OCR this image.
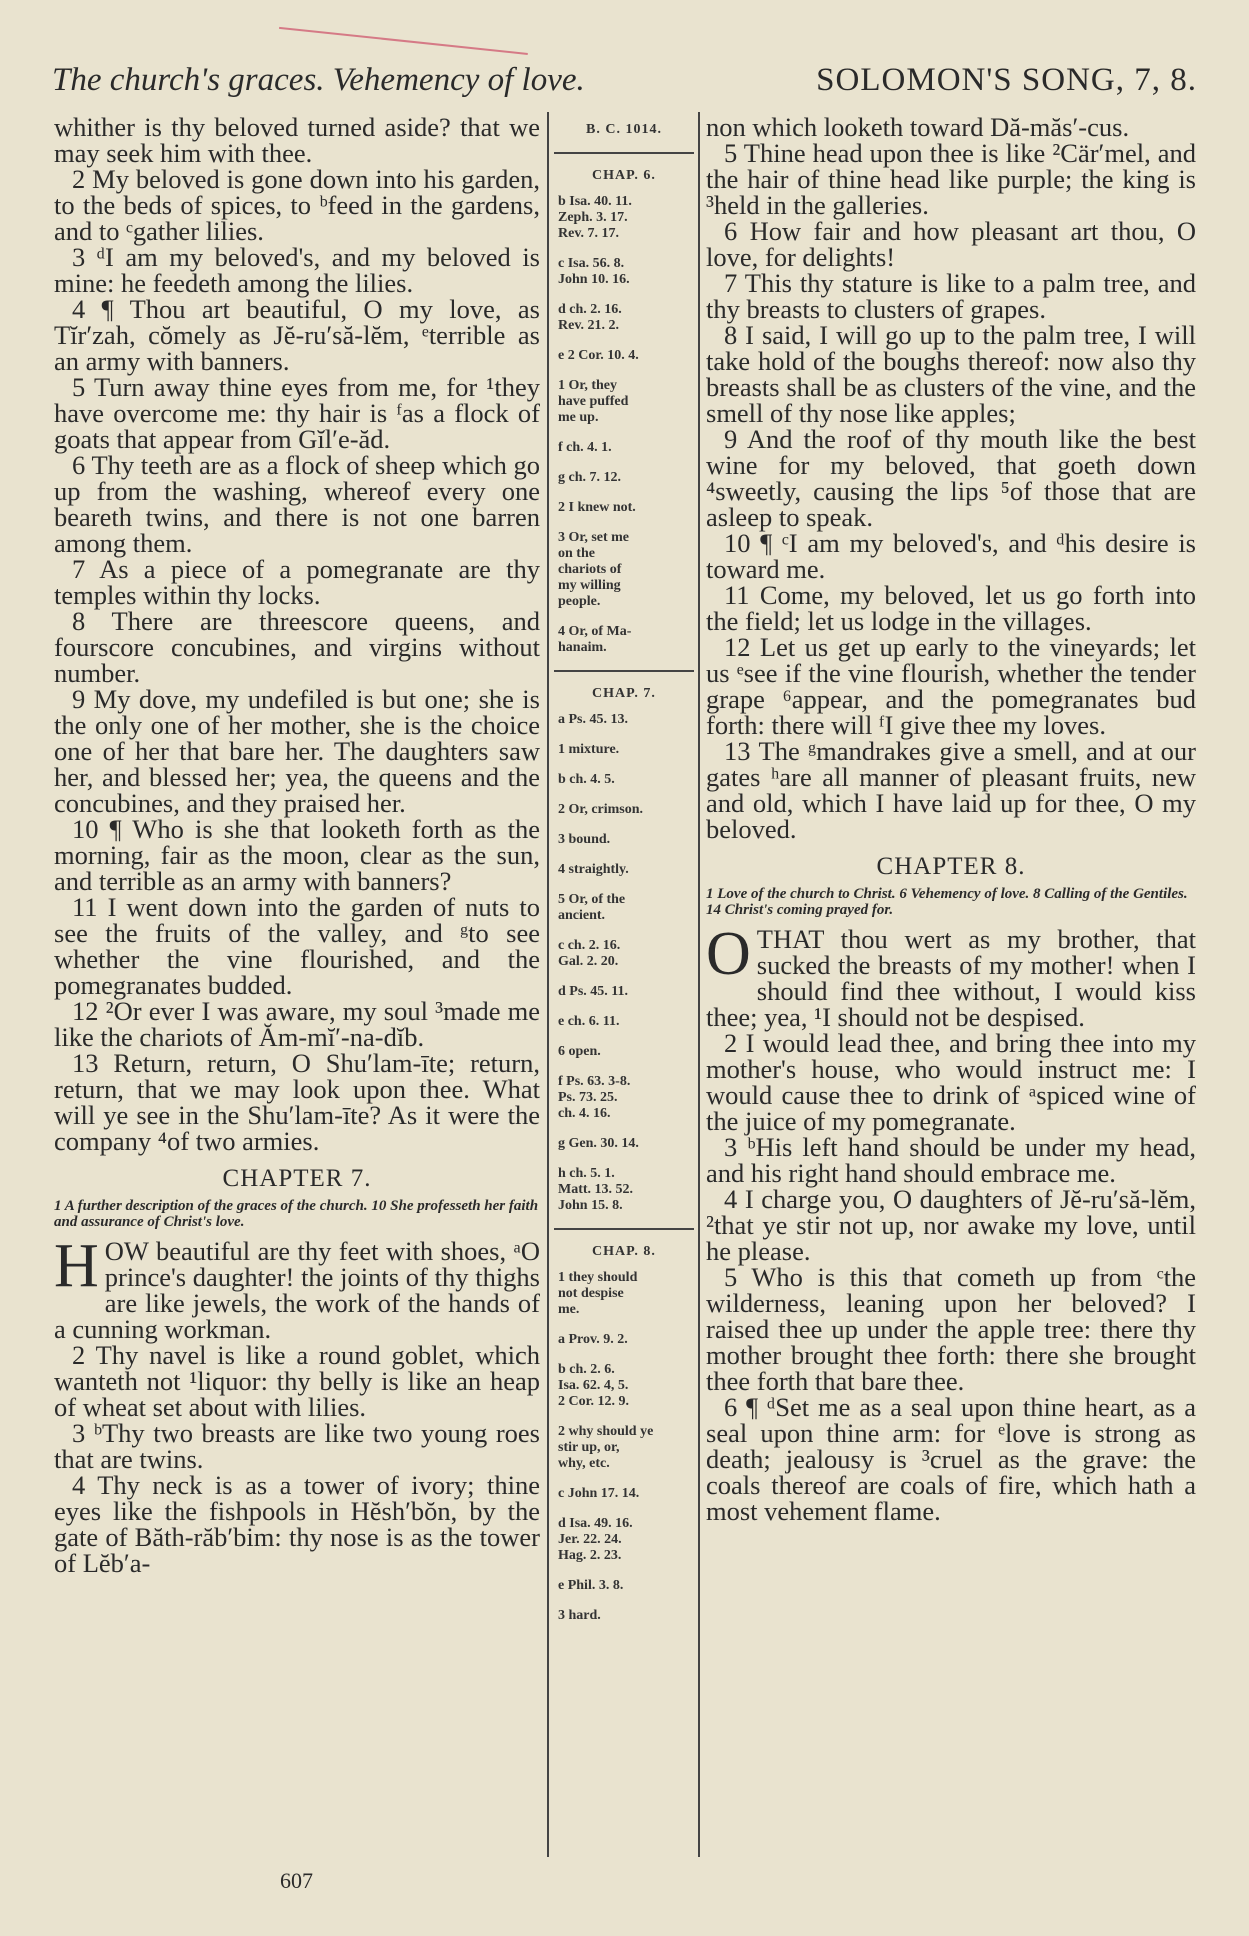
The church's graces. Vehemency of love.	SOLOMON'S SONG, 7, 8.
whither is thy beloved turned aside? that we may seek him with thee.
2 My beloved is gone down into his garden, to the beds of spices, to ᵇfeed in the gardens, and to ᶜgather lilies.
3 ᵈI am my beloved's, and my beloved is mine: he feedeth among the lilies.
4 ¶ Thou art beautiful, O my love, as Tĭr′zah, cŏmely as Jĕ-ru′să-lĕm, ᵉterrible as an army with banners.
5 Turn away thine eyes from me, for ¹they have overcome me: thy hair is ᶠas a flock of goats that appear from Gĭl′e-ăd.
6 Thy teeth are as a flock of sheep which go up from the washing, whereof every one beareth twins, and there is not one barren among them.
7 As a piece of a pomegranate are thy temples within thy locks.
8 There are threescore queens, and fourscore concubines, and virgins without number.
9 My dove, my undefiled is but one; she is the only one of her mother, she is the choice one of her that bare her. The daughters saw her, and blessed her; yea, the queens and the concubines, and they praised her.
10 ¶ Who is she that looketh forth as the morning, fair as the moon, clear as the sun, and terrible as an army with banners?
11 I went down into the garden of nuts to see the fruits of the valley, and ᵍto see whether the vine flourished, and the pomegranates budded.
12 ²Or ever I was aware, my soul ³made me like the chariots of Ăm-mĭ′-na-dĭb.
13 Return, return, O Shu′lam-īte; return, return, that we may look upon thee. What will ye see in the Shu′lam-īte? As it were the company ⁴of two armies.
CHAPTER 7.
1 A further description of the graces of the church. 10 She professeth her faith and assurance of Christ's love.
HOW beautiful are thy feet with shoes, ᵃO prince's daughter! the joints of thy thighs are like jewels, the work of the hands of a cunning workman.
2 Thy navel is like a round goblet, which wanteth not ¹liquor: thy belly is like an heap of wheat set about with lilies.
3 ᵇThy two breasts are like two young roes that are twins.
4 Thy neck is as a tower of ivory; thine eyes like the fishpools in Hĕsh′bŏn, by the gate of Băth-răb′bim: thy nose is as the tower of Lĕb′a-
B. C. 1014.
CHAP. 6.
b Isa. 40. 11.
Zeph. 3. 17.
Rev. 7. 17.
c Isa. 56. 8.
John 10. 16.
d ch. 2. 16.
Rev. 21. 2.
e 2 Cor. 10. 4.
1 Or, they
have puffed
me up.
f ch. 4. 1.
g ch. 7. 12.
2 I knew not.
3 Or, set me
on the
chariots of
my willing
people.
4 Or, of Ma-
hanaim.
CHAP. 7.
a Ps. 45. 13.
1 mixture.
b ch. 4. 5.
2 Or, crimson.
3 bound.
4 straightly.
5 Or, of the
ancient.
c ch. 2. 16.
Gal. 2. 20.
d Ps. 45. 11.
e ch. 6. 11.
6 open.
f Ps. 63. 3-8.
Ps. 73. 25.
ch. 4. 16.
g Gen. 30. 14.
h ch. 5. 1.
Matt. 13. 52.
John 15. 8.
CHAP. 8.
1 they should
not despise
me.
a Prov. 9. 2.
b ch. 2. 6.
Isa. 62. 4, 5.
2 Cor. 12. 9.
2 why should ye
stir up, or,
why, etc.
c John 17. 14.
d Isa. 49. 16.
Jer. 22. 24.
Hag. 2. 23.
e Phil. 3. 8.
3 hard.
non which looketh toward Dă-măs′-cus.
5 Thine head upon thee is like ²Cär′mel, and the hair of thine head like purple; the king is ³held in the galleries.
6 How fair and how pleasant art thou, O love, for delights!
7 This thy stature is like to a palm tree, and thy breasts to clusters of grapes.
8 I said, I will go up to the palm tree, I will take hold of the boughs thereof: now also thy breasts shall be as clusters of the vine, and the smell of thy nose like apples;
9 And the roof of thy mouth like the best wine for my beloved, that goeth down ⁴sweetly, causing the lips ⁵of those that are asleep to speak.
10 ¶ ᶜI am my beloved's, and ᵈhis desire is toward me.
11 Come, my beloved, let us go forth into the field; let us lodge in the villages.
12 Let us get up early to the vineyards; let us ᵉsee if the vine flourish, whether the tender grape ⁶appear, and the pomegranates bud forth: there will ᶠI give thee my loves.
13 The ᵍmandrakes give a smell, and at our gates ʰare all manner of pleasant fruits, new and old, which I have laid up for thee, O my beloved.
CHAPTER 8.
1 Love of the church to Christ. 6 Vehemency of love. 8 Calling of the Gentiles. 14 Christ's coming prayed for.
OTHAT thou wert as my brother, that sucked the breasts of my mother! when I should find thee without, I would kiss thee; yea, ¹I should not be despised.
2 I would lead thee, and bring thee into my mother's house, who would instruct me: I would cause thee to drink of ᵃspiced wine of the juice of my pomegranate.
3 ᵇHis left hand should be under my head, and his right hand should embrace me.
4 I charge you, O daughters of Jĕ-ru′să-lĕm, ²that ye stir not up, nor awake my love, until he please.
5 Who is this that cometh up from ᶜthe wilderness, leaning upon her beloved? I raised thee up under the apple tree: there thy mother brought thee forth: there she brought thee forth that bare thee.
6 ¶ ᵈSet me as a seal upon thine heart, as a seal upon thine arm: for ᵉlove is strong as death; jealousy is ³cruel as the grave: the coals thereof are coals of fire, which hath a most vehement flame.
607
